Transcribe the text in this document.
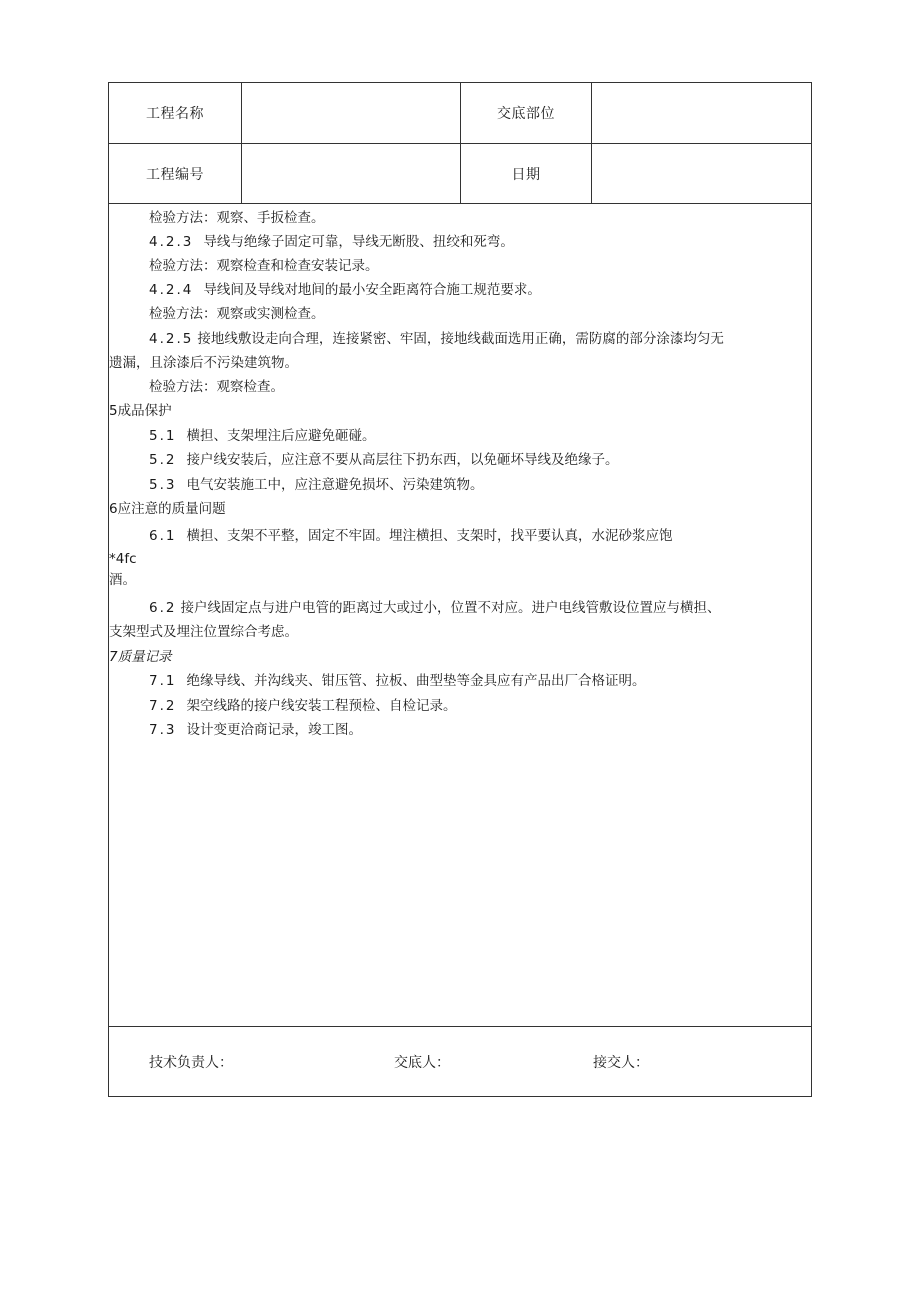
工程名称	交底部位
工程编号	日期
检验方法：观察、手扳检查。
4.2.3 导线与绝缘子固定可靠，导线无断股、扭绞和死弯。
检验方法：观察检查和检查安装记录。
4.2.4 导线间及导线对地间的最小安全距离符合施工规范要求。
检验方法：观察或实测检查。
4.2.5 接地线敷设走向合理，连接紧密、牢固，接地线截面选用正确，需防腐的部分涂漆均匀无
遗漏，且涂漆后不污染建筑物。
检验方法：观察检查。
5成品保护
5.1 横担、支架埋注后应避免砸碰。
5.2 接户线安装后，应注意不要从高层往下扔东西，以免砸坏导线及绝缘子。
5.3 电气安装施工中，应注意避免损坏、污染建筑物。
6应注意的质量问题
6.1 横担、支架不平整，固定不牢固。埋注横担、支架时，找平要认真，水泥砂浆应饱
*4fc
酒。
6.2 接户线固定点与进户电管的距离过大或过小，位置不对应。进户电线管敷设位置应与横担、
支架型式及埋注位置综合考虑。
7质量记录
7.1 绝缘导线、并沟线夹、钳压管、拉板、曲型垫等金具应有产品出厂合格证明。
7.2 架空线路的接户线安装工程预检、自检记录。
7.3 设计变更洽商记录，竣工图。
技术负责人：	交底人：	接交人：
